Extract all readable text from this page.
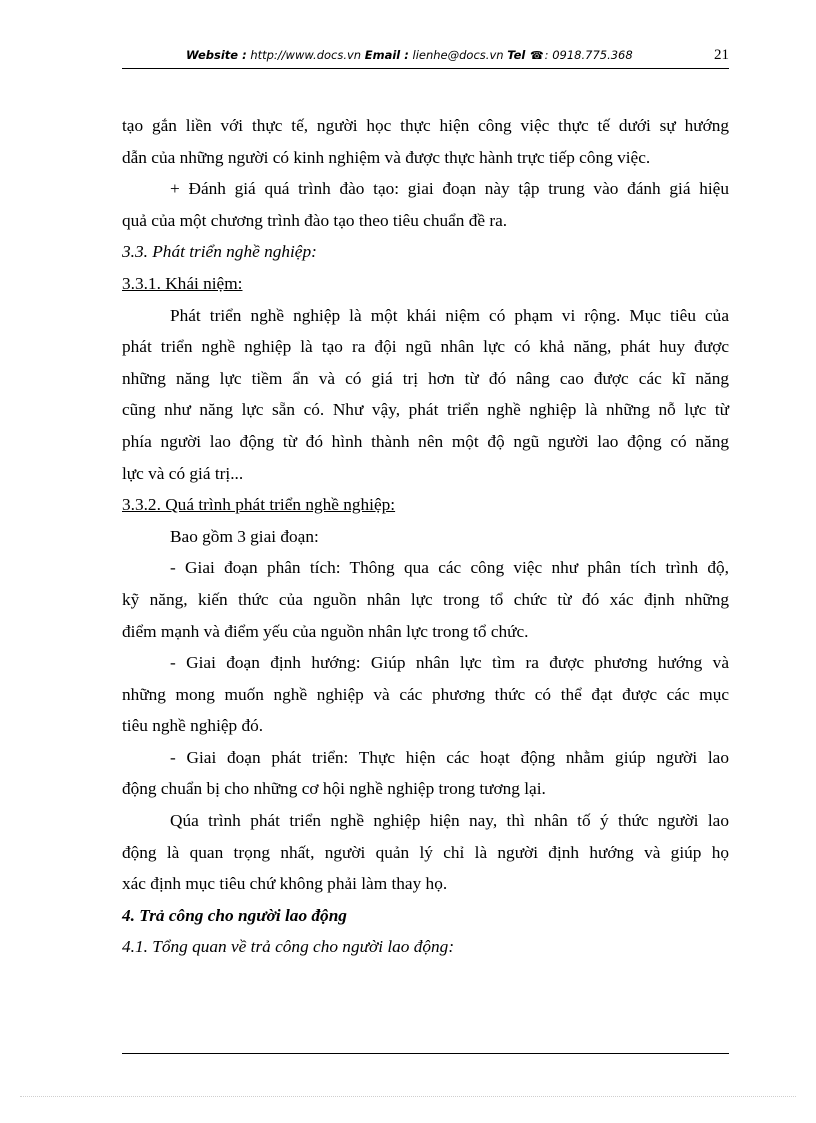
Website : http://www.docs.vn Email : lienhe@docs.vn Tel ☎: 0918.775.368	21
tạo gắn liền với thực tế, người học thực hiện công việc thực tế dưới sự hướng
dẫn của những người có kinh nghiệm và được thực hành trực tiếp công việc.
+ Đánh giá quá trình đào tạo: giai đoạn này tập trung vào đánh giá hiệu
quả của một chương trình đào tạo theo tiêu chuẩn đề ra.
3.3. Phát triển nghề nghiệp:
3.3.1. Khái niệm:
Phát triển nghề nghiệp là một khái niệm có phạm vi rộng. Mục tiêu của
phát triển nghề nghiệp là tạo ra đội ngũ nhân lực có khả năng, phát huy được
những năng lực tiềm ẩn và có giá trị hơn từ đó nâng cao được các kĩ năng
cũng như năng lực sẵn có. Như vậy, phát triển nghề nghiệp là những nỗ lực từ
phía người lao động từ đó hình thành nên một độ ngũ người lao động có năng
lực và có giá trị...
3.3.2. Quá trình phát triển nghề nghiệp:
Bao gồm 3 giai đoạn:
- Giai đoạn phân tích: Thông qua các công việc như phân tích trình độ,
kỹ năng, kiến thức của nguồn nhân lực trong tổ chức từ đó xác định những
điểm mạnh và điểm yếu của nguồn nhân lực trong tổ chức.
- Giai đoạn định hướng: Giúp nhân lực tìm ra được phương hướng và
những mong muốn nghề nghiệp và các phương thức có thể đạt được các mục
tiêu nghề nghiệp đó.
- Giai đoạn phát triển: Thực hiện các hoạt động nhằm giúp người lao
động chuẩn bị cho những cơ hội nghề nghiệp trong tương lại.
Qúa trình phát triển nghề nghiệp hiện nay, thì nhân tố ý thức người lao
động là quan trọng nhất, người quản lý chỉ là người định hướng và giúp họ
xác định mục tiêu chứ không phải làm thay họ.
4. Trả công cho người lao động
4.1. Tổng quan về trả công cho người lao động:
